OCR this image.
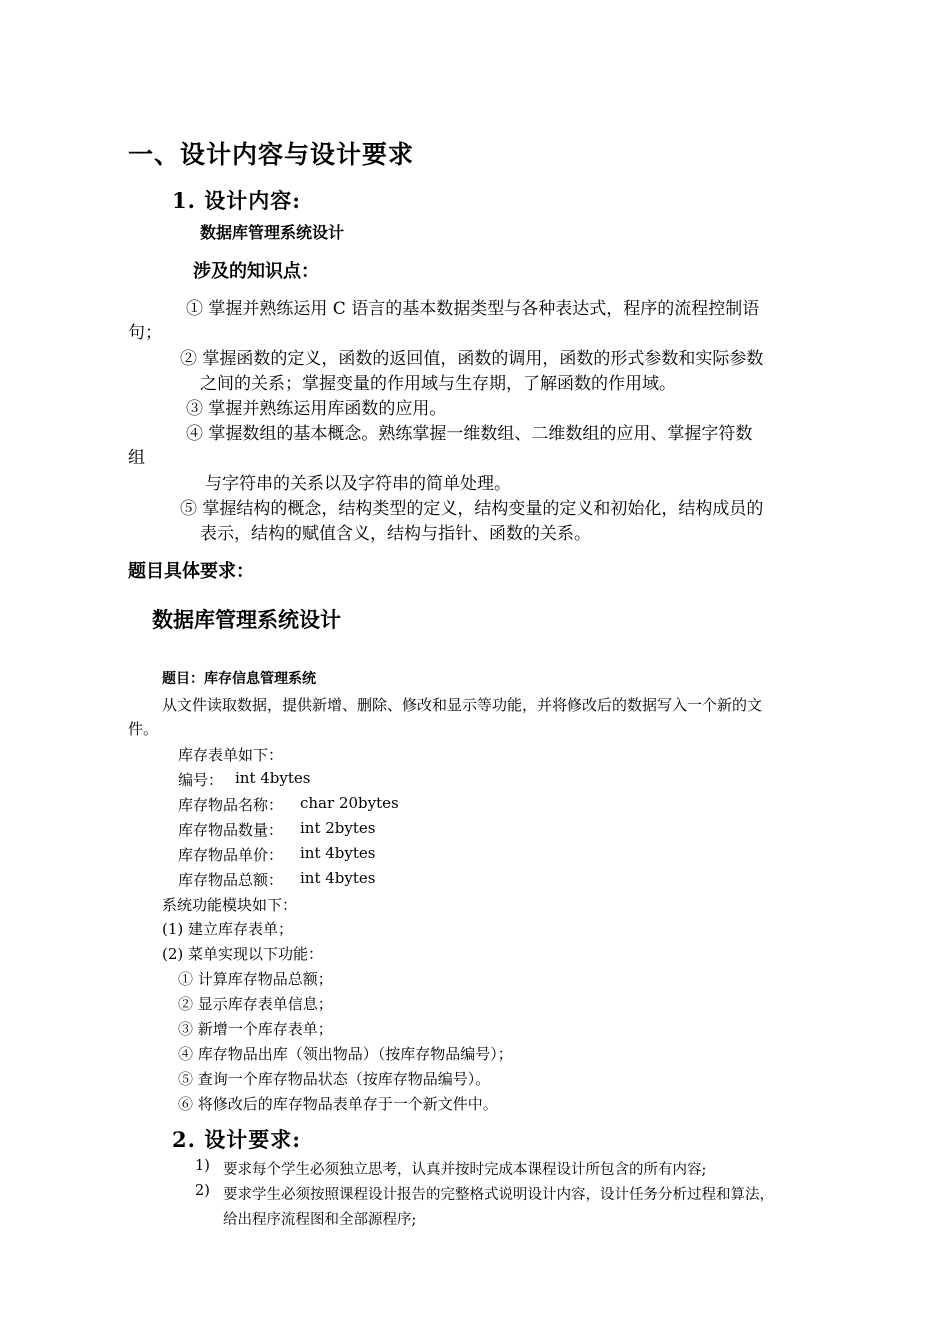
一、设计内容与设计要求
1. 设计内容:
数据库管理系统设计
涉及的知识点：
① 掌握并熟练运用 C 语言的基本数据类型与各种表达式，程序的流程控制语
句；
② 掌握函数的定义，函数的返回值，函数的调用，函数的形式参数和实际参数
之间的关系；掌握变量的作用域与生存期，了解函数的作用域。
③ 掌握并熟练运用库函数的应用。
④ 掌握数组的基本概念。熟练掌握一维数组、二维数组的应用、掌握字符数
组
与字符串的关系以及字符串的简单处理。
⑤ 掌握结构的概念，结构类型的定义，结构变量的定义和初始化，结构成员的
表示，结构的赋值含义，结构与指针、函数的关系。
题目具体要求：
数据库管理系统设计
题目：库存信息管理系统
从文件读取数据，提供新增、删除、修改和显示等功能，并将修改后的数据写入一个新的文
件。
库存表单如下：
编号： int 4bytes
库存物品名称： char 20bytes
库存物品数量： int 2bytes
库存物品单价： int 4bytes
库存物品总额： int 4bytes
系统功能模块如下：
(1) 建立库存表单；
(2) 菜单实现以下功能：
① 计算库存物品总额；
② 显示库存表单信息；
③ 新增一个库存表单；
④ 库存物品出库（领出物品）（按库存物品编号）；
⑤ 查询一个库存物品状态（按库存物品编号）。
⑥ 将修改后的库存物品表单存于一个新文件中。
2. 设计要求:
1) 要求每个学生必须独立思考，认真并按时完成本课程设计所包含的所有内容;
2) 要求学生必须按照课程设计报告的完整格式说明设计内容，设计任务分析过程和算法，
给出程序流程图和全部源程序;
